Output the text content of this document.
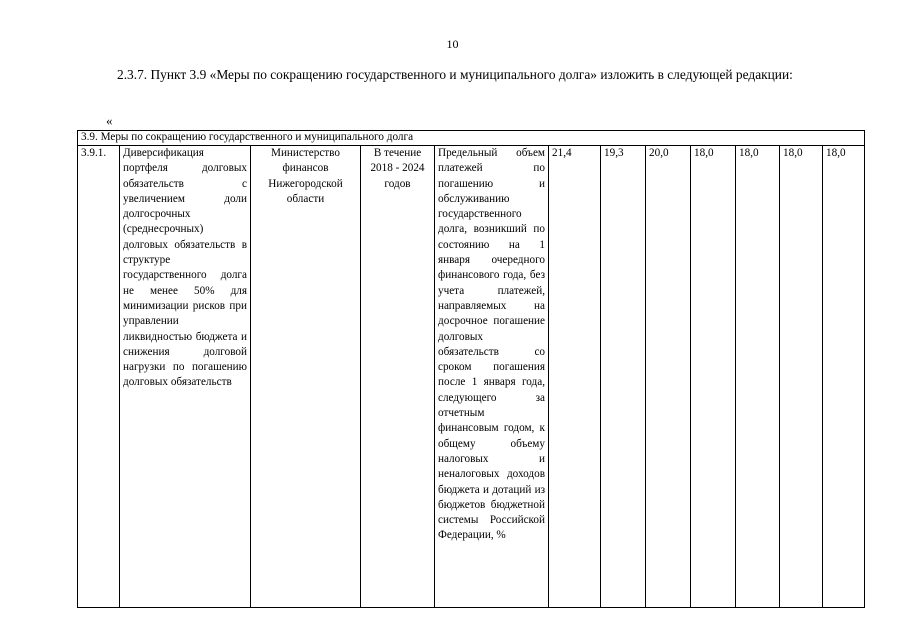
10
2.3.7. Пункт 3.9 «Меры по сокращению государственного и муниципального долга» изложить в следующей редакции:
«
3.9. Меры по сокращению государственного и муниципального долга
3.9.1.	Диверсификация портфеля долговых обязательств с увеличением доли долгосрочных (среднесрочных) долговых обязательств в структуре государственного долга не менее 50% для минимизации рисков при управлении ликвидностью бюджета и снижения долговой нагрузки по погашению долговых обязательств	Министерство финансов Нижегородской области	В течение 2018 - 2024 годов	Предельный объем платежей по погашению и обслуживанию государственного долга, возникший по состоянию на 1 января очередного финансового года, без учета платежей, направляемых на досрочное погашение долговых обязательств со сроком погашения после 1 января года, следующего за отчетным финансовым годом, к общему объему налоговых и неналоговых доходов бюджета и дотаций из бюджетов бюджетной системы Российской Федерации, %	21,4	19,3	20,0	18,0	18,0	18,0	18,0
